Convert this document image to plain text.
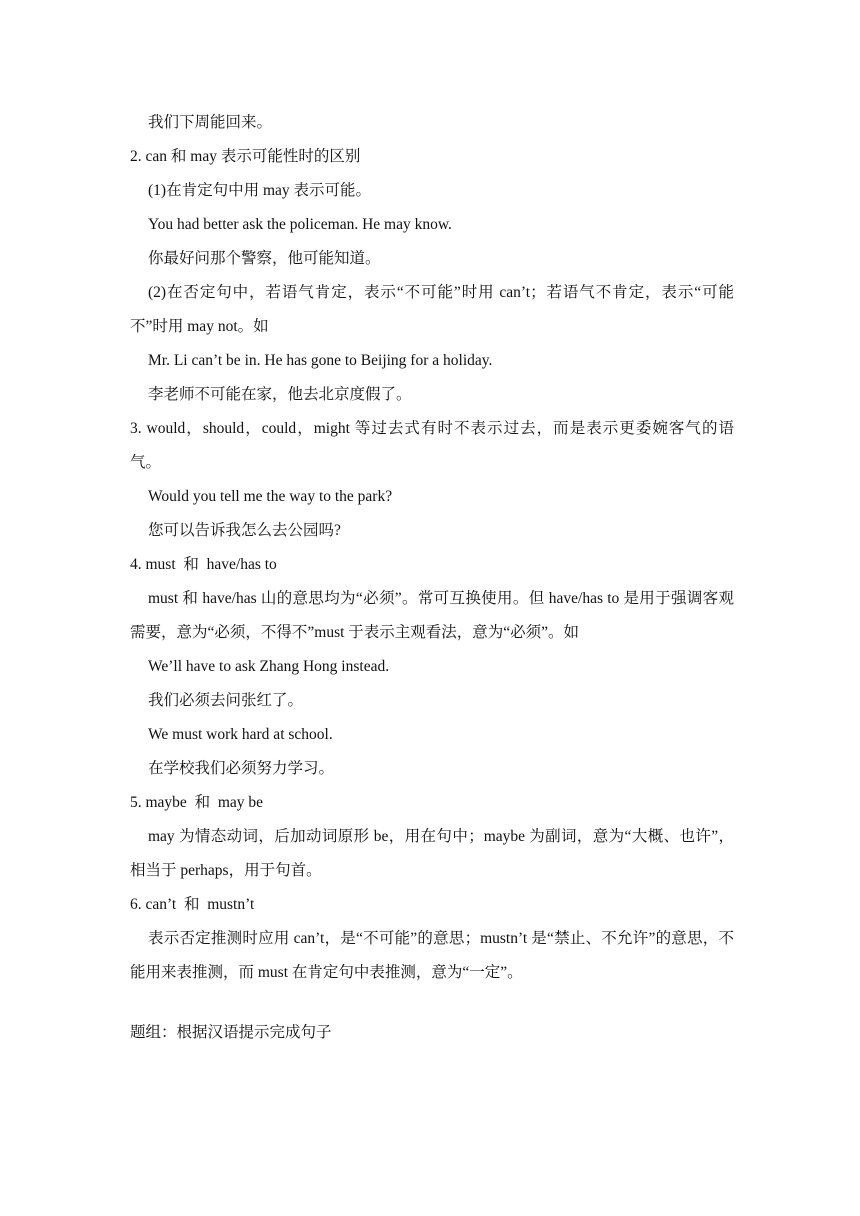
我们下周能回来。
2. can 和 may 表示可能性时的区别
(1)在肯定句中用 may 表示可能。
You had better ask the policeman. He may know.
你最好问那个警察，他可能知道。
(2)在否定句中，若语气肯定，表示“不可能”时用 can’t；若语气不肯定，表示“可能不”时用 may not。如
Mr. Li can’t be in. He has gone to Beijing for a holiday.
李老师不可能在家，他去北京度假了。
3. would，should，could，might 等过去式有时不表示过去，而是表示更委婉客气的语气。
Would you tell me the way to the park?
您可以告诉我怎么去公园吗?
4. must  和  have/has to
must 和 have/has 山的意思均为“必须”。常可互换使用。但 have/has to 是用于强调客观需要，意为“必须，不得不”must 于表示主观看法，意为“必须”。如
We’ll have to ask Zhang Hong instead.
我们必须去问张红了。
We must work hard at school.
在学校我们必须努力学习。
5. maybe  和  may be
may 为情态动词，后加动词原形 be，用在句中；maybe 为副词，意为“大概、也许”，相当于 perhaps，用于句首。
6. can’t  和  mustn’t
表示否定推测时应用 can’t，是“不可能”的意思；mustn’t 是“禁止、不允许”的意思，不能用来表推测，而 must 在肯定句中表推测，意为“一定”。
题组：根据汉语提示完成句子
